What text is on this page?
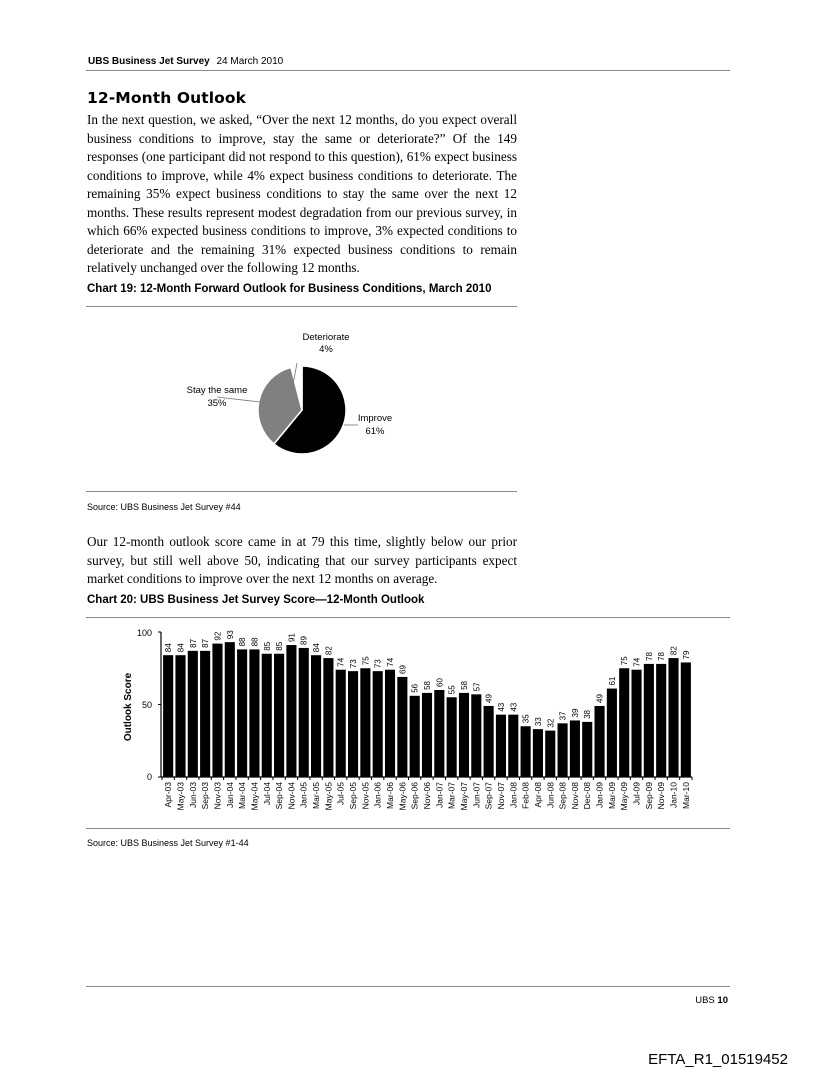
UBS Business Jet Survey 24 March 2010
12-Month Outlook
In the next question, we asked, “Over the next 12 months, do you expect overall business conditions to improve, stay the same or deteriorate?” Of the 149 responses (one participant did not respond to this question), 61% expect business conditions to improve, while 4% expect business conditions to deteriorate. The remaining 35% expect business conditions to stay the same over the next 12 months. These results represent modest degradation from our previous survey, in which 66% expected business conditions to improve, 3% expected conditions to deteriorate and the remaining 31% expected business conditions to remain relatively unchanged over the following 12 months.
Chart 19: 12-Month Forward Outlook for Business Conditions, March 2010
Deteriorate
4%
Stay the same
35%
Improve
61%
Source: UBS Business Jet Survey #44
Our 12-month outlook score came in at 79 this time, slightly below our prior survey, but still well above 50, indicating that our survey participants expect market conditions to improve over the next 12 months on average.
Chart 20: UBS Business Jet Survey Score—12-Month Outlook
Outlook Score
100
50
0
84
Apr-03
84
May-03
87
Jun-03
87
Sep-03
92
Nov-03
93
Jan-04
88
Mar-04
88
May-04
85
Jul-04
85
Sep-04
91
Nov-04
89
Jan-05
84
Mar-05
82
May-05
74
Jul-05
73
Sep-05
75
Nov-05
73
Jan-06
74
Mar-06
69
May-06
56
Sep-06
58
Nov-06
60
Jan-07
55
Mar-07
58
May-07
57
Jun-07
49
Sep-07
43
Nov-07
43
Jan-08
35
Feb-08
33
Apr-08
32
Jun-08
37
Sep-08
39
Nov-08
38
Dec-08
49
Jan-09
61
Mar-09
75
May-09
74
Jul-09
78
Sep-09
78
Nov-09
82
Jan-10
79
Mar-10
Source: UBS Business Jet Survey #1-44
UBS 10
EFTA_R1_01519452
